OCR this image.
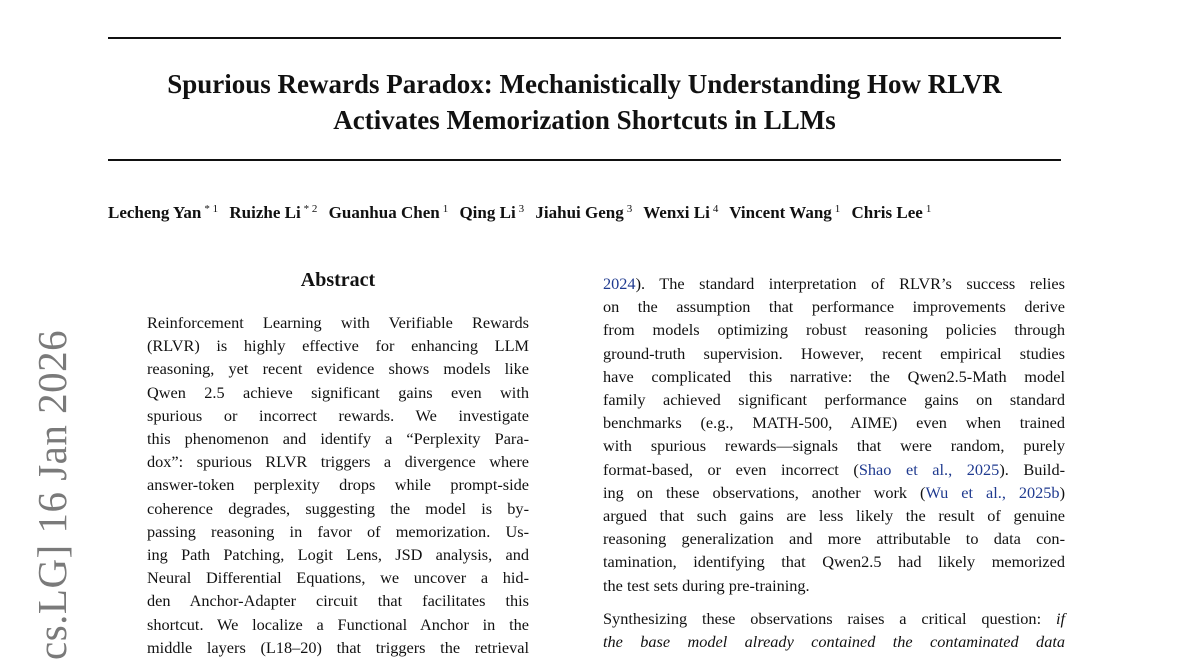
Spurious Rewards Paradox: Mechanistically Understanding How RLVR
Activates Memorization Shortcuts in LLMs
Lecheng Yan $^{* 1}$ Ruizhe Li $^{* 2}$ Guanhua Chen $^1$ Qing Li $^3$ Jiahui Geng $^3$ Wenxi Li $^4$ Vincent Wang $^1$ Chris Lee $^1$
cs.LG] 16 Jan 2026
Abstract
Reinforcement Learning with Verifiable Rewards
(RLVR) is highly effective for enhancing LLM
reasoning, yet recent evidence shows models like
Qwen 2.5 achieve significant gains even with
spurious or incorrect rewards. We investigate
this phenomenon and identify a “Perplexity Para-
dox”: spurious RLVR triggers a divergence where
answer-token perplexity drops while prompt-side
coherence degrades, suggesting the model is by-
passing reasoning in favor of memorization. Us-
ing Path Patching, Logit Lens, JSD analysis, and
Neural Differential Equations, we uncover a hid-
den Anchor-Adapter circuit that facilitates this
shortcut. We localize a Functional Anchor in the
middle layers (L18–20) that triggers the retrieval
2024). The standard interpretation of RLVR’s success relies
on the assumption that performance improvements derive
from models optimizing robust reasoning policies through
ground-truth supervision. However, recent empirical studies
have complicated this narrative: the Qwen2.5-Math model
family achieved significant performance gains on standard
benchmarks (e.g., MATH-500, AIME) even when trained
with spurious rewards—signals that were random, purely
format-based, or even incorrect (Shao et al., 2025). Build-
ing on these observations, another work (Wu et al., 2025b)
argued that such gains are less likely the result of genuine
reasoning generalization and more attributable to data con-
tamination, identifying that Qwen2.5 had likely memorized
the test sets during pre-training.
Synthesizing these observations raises a critical question: if
the base model already contained the contaminated data
